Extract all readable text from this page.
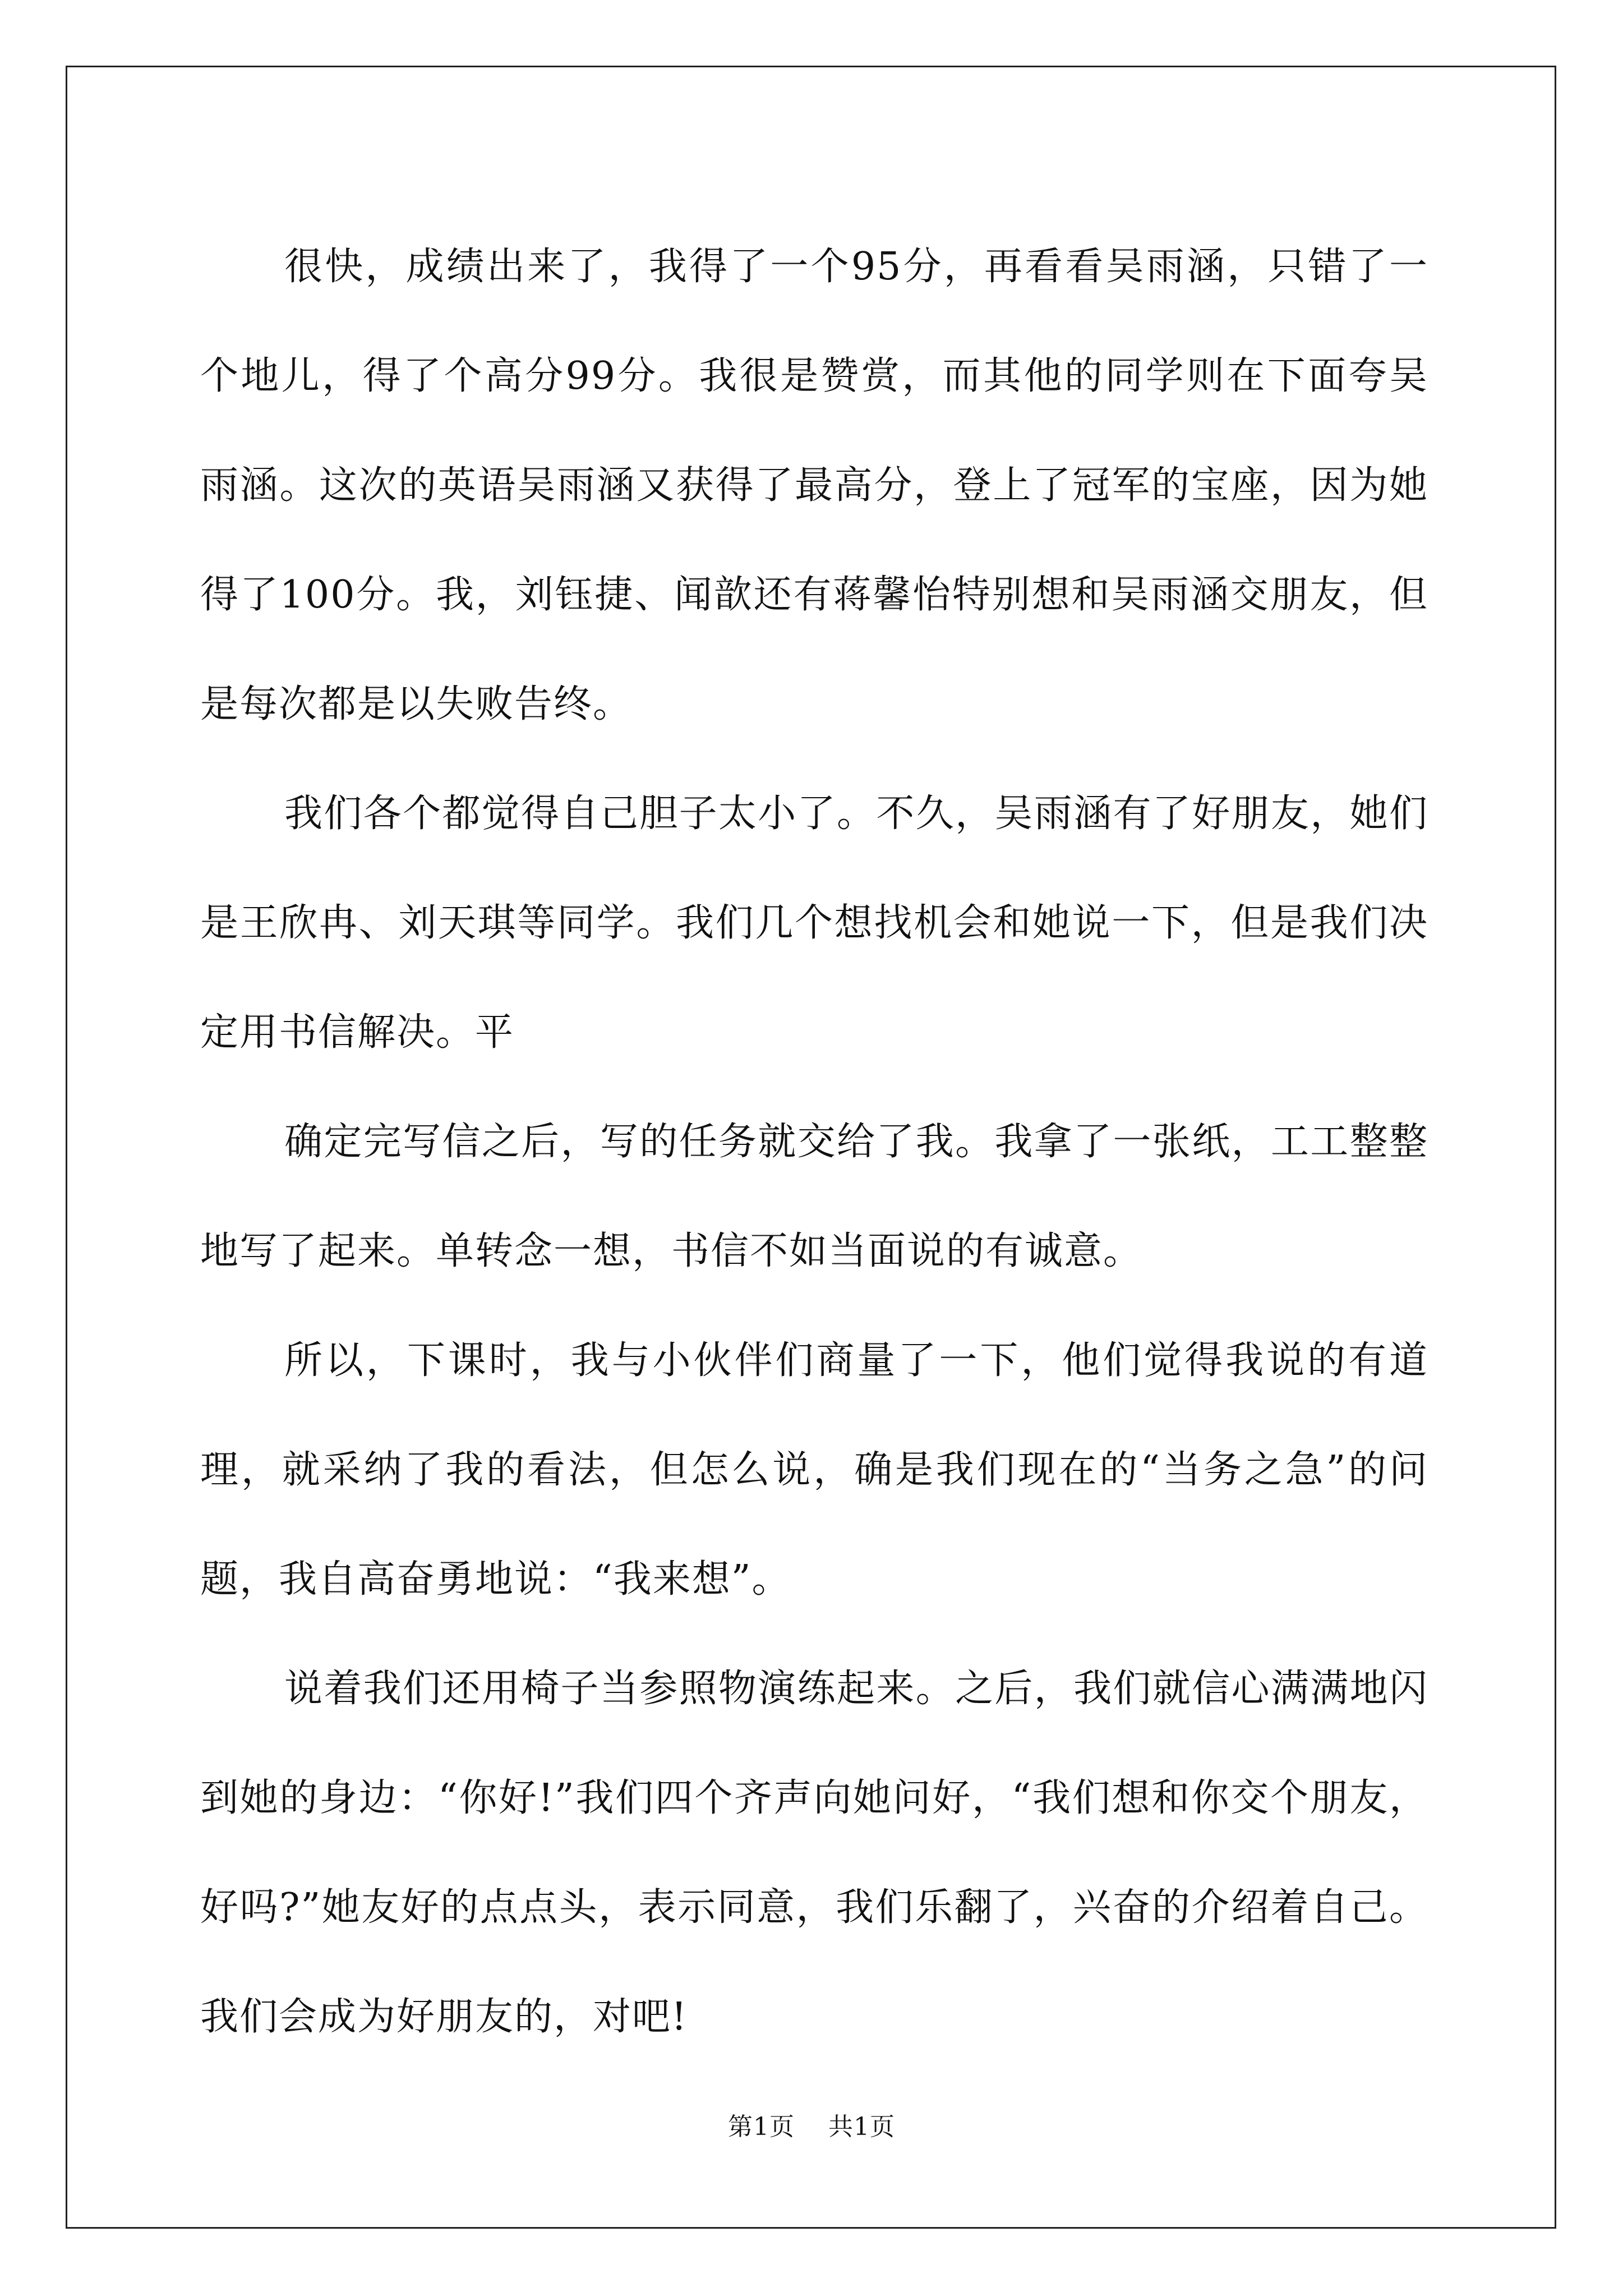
很快，成绩出来了，我得了一个95分，再看看吴雨涵，只错了一个地儿，得了个高分99分。我很是赞赏，而其他的同学则在下面夸吴雨涵。这次的英语吴雨涵又获得了最高分，登上了冠军的宝座，因为她得了100分。我，刘钰捷、闻歆还有蒋馨怡特别想和吴雨涵交朋友，但是每次都是以失败告终。

我们各个都觉得自己胆子太小了。不久，吴雨涵有了好朋友，她们是王欣冉、刘天琪等同学。我们几个想找机会和她说一下，但是我们决定用书信解决。平

确定完写信之后，写的任务就交给了我。我拿了一张纸，工工整整地写了起来。单转念一想，书信不如当面说的有诚意。

所以，下课时，我与小伙伴们商量了一下，他们觉得我说的有道理，就采纳了我的看法，但怎么说，确是我们现在的“当务之急”的问题，我自高奋勇地说：“我来想”。

说着我们还用椅子当参照物演练起来。之后，我们就信心满满地闪到她的身边：“你好!”我们四个齐声向她问好，“我们想和你交个朋友，好吗?”她友好的点点头，表示同意，我们乐翻了，兴奋的介绍着自己。我们会成为好朋友的，对吧!

第1页 共1页
